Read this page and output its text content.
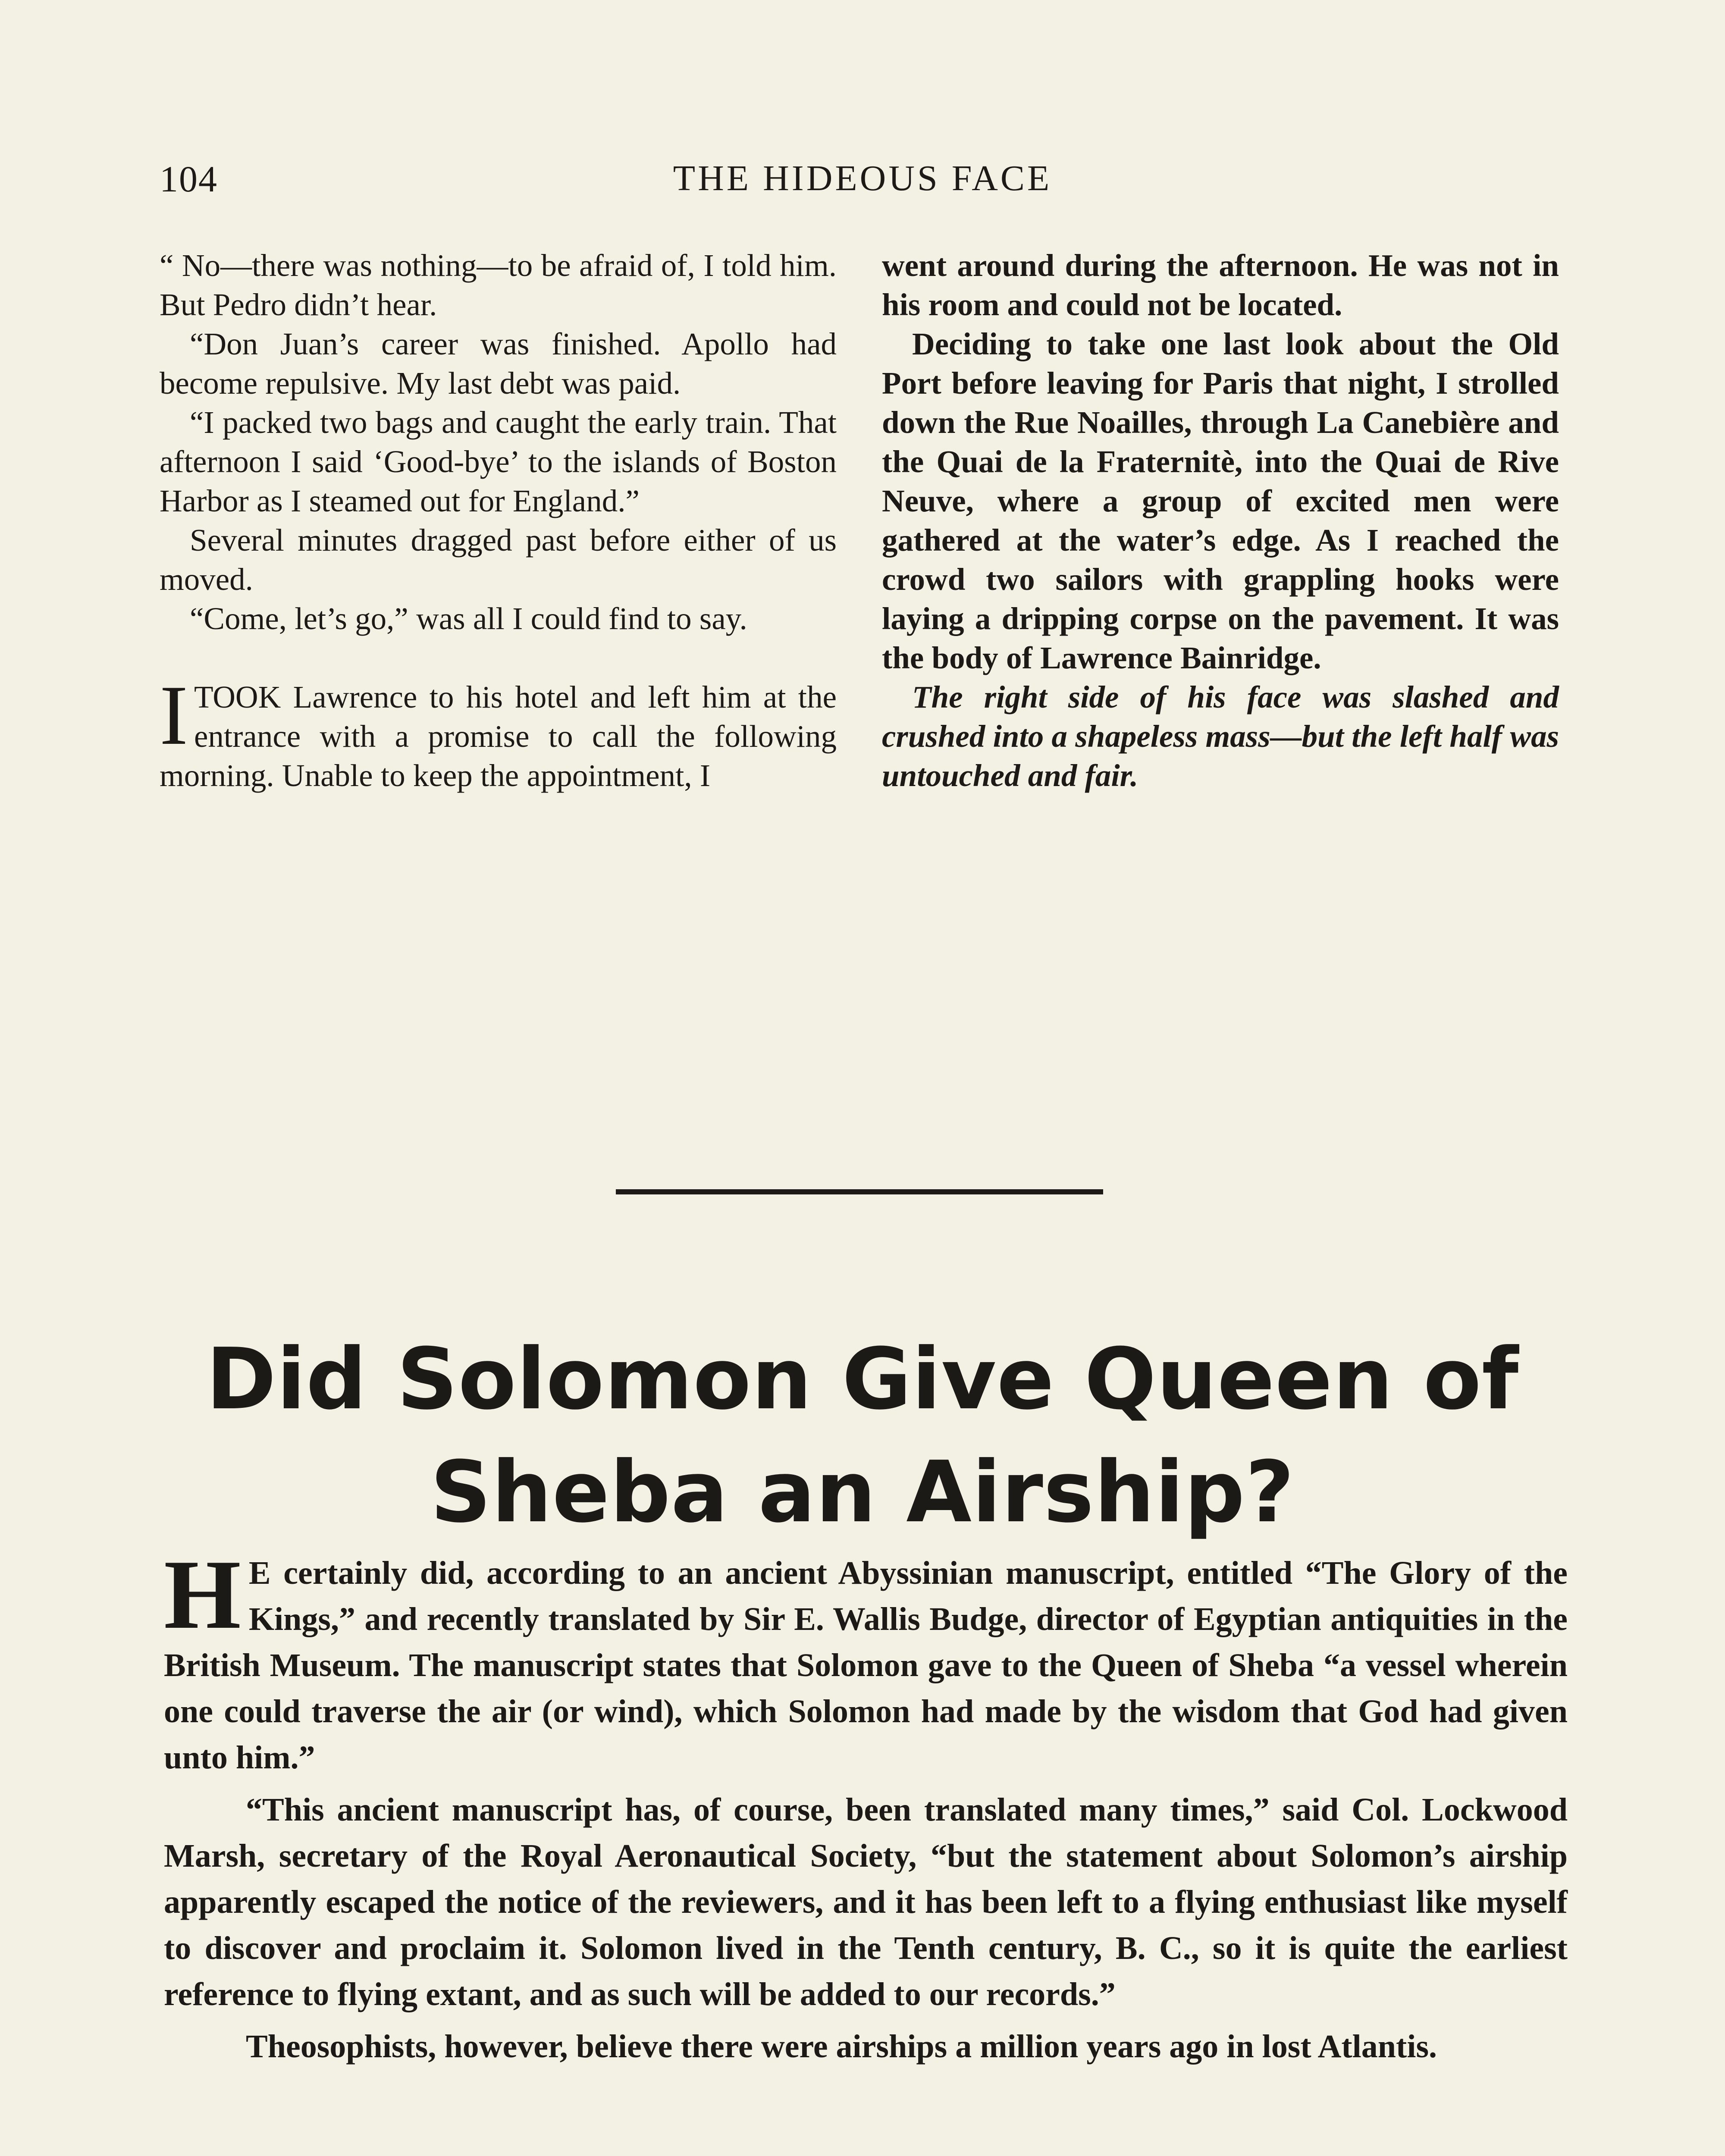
104	THE HIDEOUS FACE

“ No—there was nothing—to be afraid of, I told him. But Pedro didn’t hear.

“Don Juan’s career was finished. Apollo had become repulsive. My last debt was paid.

“I packed two bags and caught the early train. That afternoon I said ‘Good-bye’ to the islands of Boston Harbor as I steamed out for England.”

Several minutes dragged past before either of us moved.

“Come, let’s go,” was all I could find to say.

ITOOK Lawrence to his hotel and left him at the entrance with a promise to call the following morning. Unable to keep the appointment, I

went around during the afternoon. He was not in his room and could not be located.

Deciding to take one last look about the Old Port before leaving for Paris that night, I strolled down the Rue Noailles, through La Canebière and the Quai de la Fraternitè, into the Quai de Rive Neuve, where a group of excited men were gathered at the water’s edge. As I reached the crowd two sailors with grappling hooks were laying a dripping corpse on the pavement. It was the body of Lawrence Bainridge.

The right side of his face was slashed and crushed into a shapeless mass—but the left half was untouched and fair.

Did Solomon Give Queen of
Sheba an Airship?

H E certainly did, according to an ancient Abyssinian manuscript, entitled “The Glory of the Kings,” and recently translated by Sir E. Wallis Budge, director of Egyptian antiquities in the British Museum. The manuscript states that Solomon gave to the Queen of Sheba “a vessel wherein one could traverse the air (or wind), which Solomon had made by the wisdom that God had given unto him.”

“This ancient manuscript has, of course, been translated many times,” said Col. Lockwood Marsh, secretary of the Royal Aeronautical Society, “but the statement about Solomon’s airship apparently escaped the notice of the reviewers, and it has been left to a flying enthusiast like myself to discover and proclaim it. Solomon lived in the Tenth century, B. C., so it is quite the earliest reference to flying extant, and as such will be added to our records.”

Theosophists, however, believe there were airships a million years ago in lost Atlantis.
